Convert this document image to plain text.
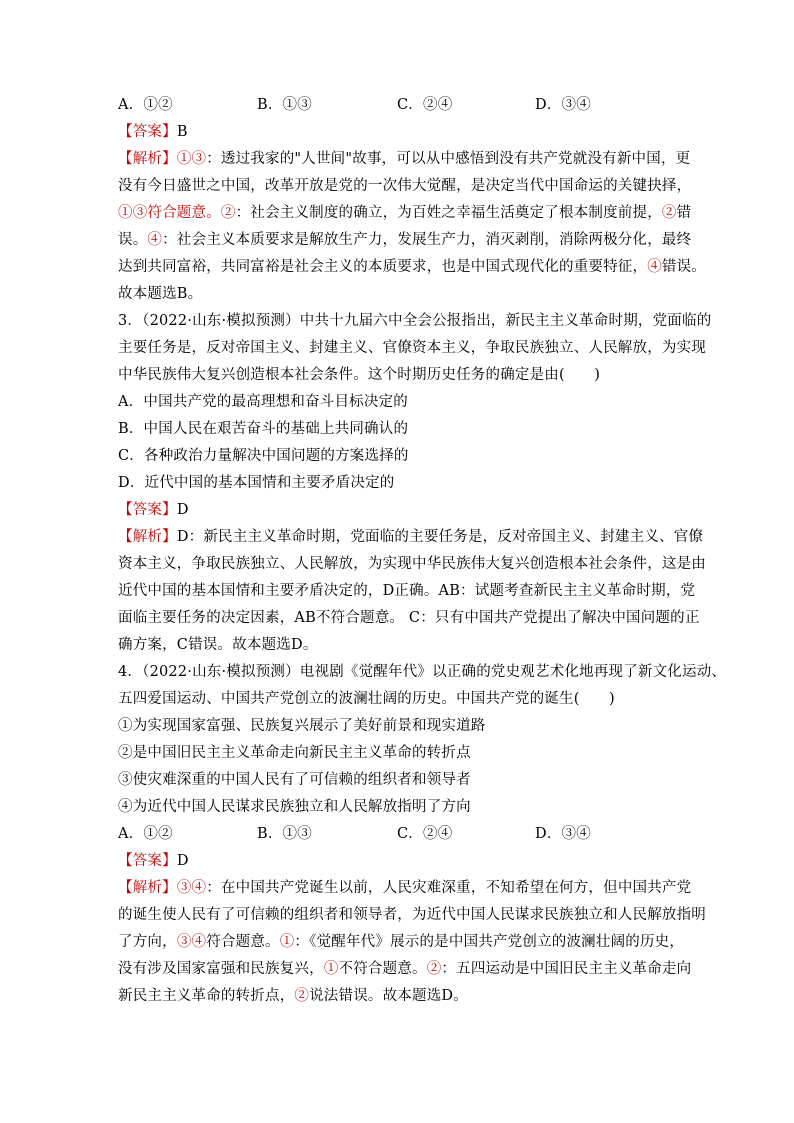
A．①②	B．①③	C．②④	D．③④
【答案】B
【解析】①③：透过我家的"人世间"故事，可以从中感悟到没有共产党就没有新中国，更
没有今日盛世之中国，改革开放是党的一次伟大觉醒，是决定当代中国命运的关键抉择，
①③符合题意。②：社会主义制度的确立，为百姓之幸福生活奠定了根本制度前提，②错
误。④：社会主义本质要求是解放生产力，发展生产力，消灭剥削，消除两极分化，最终
达到共同富裕，共同富裕是社会主义的本质要求，也是中国式现代化的重要特征，④错误。
故本题选B。
3．（2022·山东·模拟预测）中共十九届六中全会公报指出，新民主主义革命时期，党面临的
主要任务是，反对帝国主义、封建主义、官僚资本主义，争取民族独立、人民解放，为实现
中华民族伟大复兴创造根本社会条件。这个时期历史任务的确定是由(　　)
A．中国共产党的最高理想和奋斗目标决定的
B．中国人民在艰苦奋斗的基础上共同确认的
C．各种政治力量解决中国问题的方案选择的
D．近代中国的基本国情和主要矛盾决定的
【答案】D
【解析】D：新民主主义革命时期，党面临的主要任务是，反对帝国主义、封建主义、官僚
资本主义，争取民族独立、人民解放，为实现中华民族伟大复兴创造根本社会条件，这是由
近代中国的基本国情和主要矛盾决定的，D正确。AB：试题考查新民主主义革命时期，党
面临主要任务的决定因素，AB不符合题意。 C：只有中国共产党提出了解决中国问题的正
确方案，C错误。故本题选D。
4．（2022·山东·模拟预测）电视剧《觉醒年代》以正确的党史观艺术化地再现了新文化运动、
五四爱国运动、中国共产党创立的波澜壮阔的历史。中国共产党的诞生(　　)
①为实现国家富强、民族复兴展示了美好前景和现实道路
②是中国旧民主主义革命走向新民主主义革命的转折点
③使灾难深重的中国人民有了可信赖的组织者和领导者
④为近代中国人民谋求民族独立和人民解放指明了方向
A．①②	B．①③	C．②④	D．③④
【答案】D
【解析】③④：在中国共产党诞生以前，人民灾难深重，不知希望在何方，但中国共产党
的诞生使人民有了可信赖的组织者和领导者，为近代中国人民谋求民族独立和人民解放指明
了方向，③④符合题意。①：《觉醒年代》展示的是中国共产党创立的波澜壮阔的历史，
没有涉及国家富强和民族复兴，①不符合题意。②：五四运动是中国旧民主主义革命走向
新民主主义革命的转折点，②说法错误。故本题选D。
